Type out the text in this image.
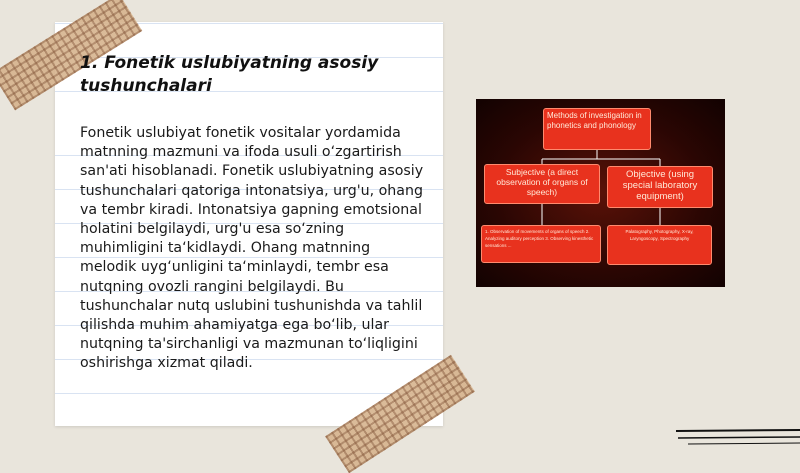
1. Fonetik uslubiyatning asosiy tushunchalari

Fonetik uslubiyat fonetik vositalar yordamida matnning mazmuni va ifoda usuli o‘zgartirish san'ati hisoblanadi. Fonetik uslubiyatning asosiy tushunchalari qatoriga intonatsiya, urg'u, ohang va tembr kiradi. Intonatsiya gapning emotsional holatini belgilaydi, urg'u esa so‘zning muhimligini ta‘kidlaydi. Ohang matnning melodik uyg‘unligini ta‘minlaydi, tembr esa nutqning ovozli rangini belgilaydi. Bu tushunchalar nutq uslubini tushunishda va tahlil qilishda muhim ahamiyatga ega bo‘lib, ular nutqning ta'sirchanligi va mazmunan to‘liqligini oshirishga xizmat qiladi.

Methods of investigation in phonetics and phonology
Subjective (a direct observation of organs of speech)
Objective (using special laboratory equipment)
1. Observation of movements of organs of speech 2. Analyzing auditory perception 3. Observing kinesthetic sensations ...
Palatography, Photography, X-ray, Laryngoscopy, Spectrography
